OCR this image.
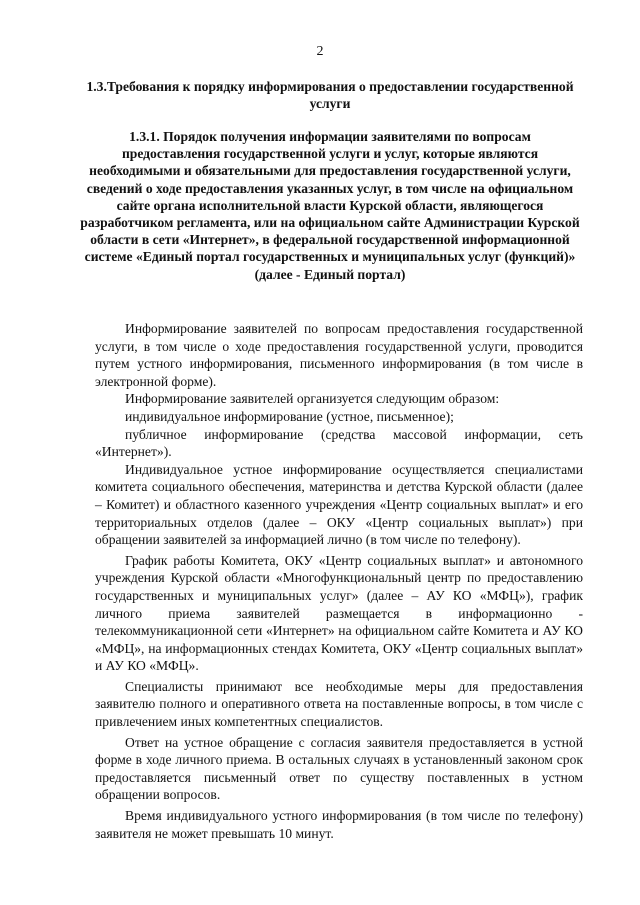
2
1.3.Требования к порядку информирования о предоставлении государственной услуги
1.3.1. Порядок получения информации заявителями по вопросам предоставления государственной услуги и услуг, которые являются необходимыми и обязательными для предоставления государственной услуги, сведений о ходе предоставления указанных услуг, в том числе на официальном сайте органа исполнительной власти Курской области, являющегося разработчиком регламента, или на официальном сайте Администрации Курской области в сети «Интернет», в федеральной государственной информационной системе «Единый портал государственных и муниципальных услуг (функций)» (далее - Единый портал)

Информирование заявителей по вопросам предоставления государственной услуги, в том числе о ходе предоставления государственной услуги, проводится путем устного информирования, письменного информирования (в том числе в электронной форме).

Информирование заявителей организуется следующим образом:

индивидуальное информирование (устное, письменное);

публичное информирование (средства массовой информации, сеть «Интернет»).

Индивидуальное устное информирование осуществляется специалистами комитета социального обеспечения, материнства и детства Курской области (далее – Комитет) и областного казенного учреждения «Центр социальных выплат» и его территориальных отделов (далее – ОКУ «Центр социальных выплат») при обращении заявителей за информацией лично (в том числе по телефону).

График работы Комитета, ОКУ «Центр социальных выплат» и автономного учреждения Курской области «Многофункциональный центр по предоставлению государственных и муниципальных услуг» (далее – АУ КО «МФЦ»), график личного приема заявителей размещается в информационно - телекоммуникационной сети «Интернет» на официальном сайте Комитета и АУ КО «МФЦ», на информационных стендах Комитета, ОКУ «Центр социальных выплат» и АУ КО «МФЦ».

Специалисты принимают все необходимые меры для предоставления заявителю полного и оперативного ответа на поставленные вопросы, в том числе с привлечением иных компетентных специалистов.

Ответ на устное обращение с согласия заявителя предоставляется в устной форме в ходе личного приема. В остальных случаях в установленный законом срок предоставляется письменный ответ по существу поставленных в устном обращении вопросов.

Время индивидуального устного информирования (в том числе по телефону) заявителя не может превышать 10 минут.
